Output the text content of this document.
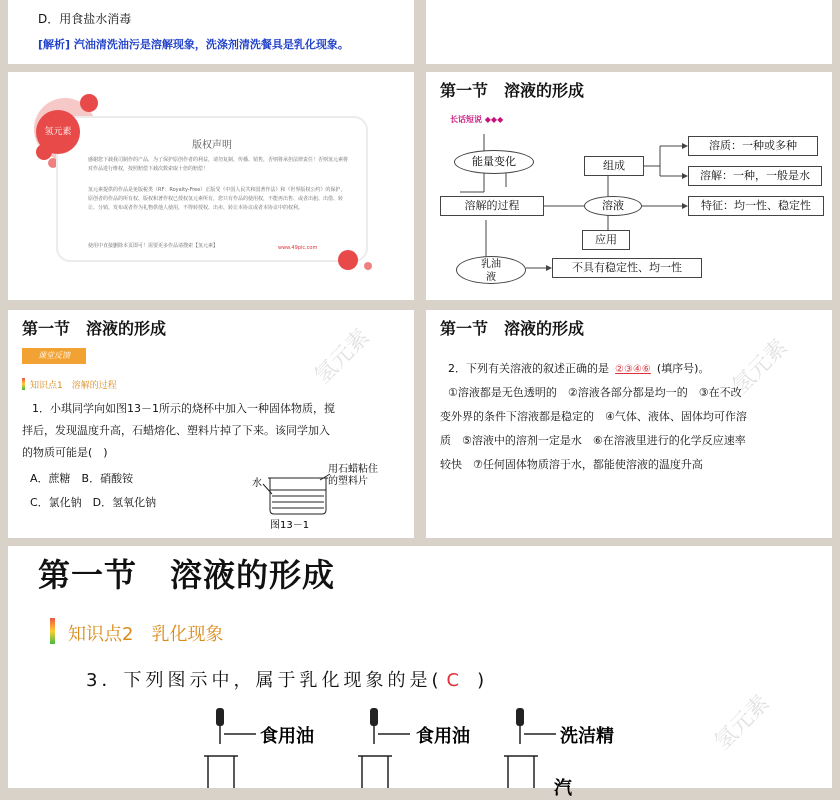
D．用食盐水消毒
[解析] 汽油清洗油污是溶解现象，洗涤剂清洗餐具是乳化现象。
版权声明
感谢您下载我司制作的产品，为了保护原创作者的利益，请勿复制、传播、销售，否则将承担法律责任！否则氢元素将对作品进行维权，按照赔偿下载次数索取十倍的赔偿！
氢元素提供的作品是免版税类（RF：Royalty-Free）正版受《中国人民共和国著作法》和《世界版权公约》的保护，原创者的作品的所有权、版权和著作权已授权氢元素所有，您只有作品的使用权，不能再出售、或者出租、出借、转让、分销、发布或者作为礼物供他人使用，不得转授权、出卖、转让本协议或者本协议中的权利。
使用中直接删除本页即可！需要更多作品请搜索【氢元素】	www.49pic.com
氢元素
第一节　溶液的形成
长话短说 ◆◆◆
能量变化
溶解的过程
组成
溶液
应用
溶质：一种或多种
溶解：一种，一般是水
特征：均一性、稳定性
乳油
液
不具有稳定性、均一性
第一节　溶液的形成
课堂反馈
知识点1　溶解的过程
1．小琪同学向如图13－1所示的烧杯中加入一种固体物质，搅
拌后，发现温度升高，石蜡熔化、塑料片掉了下来。该同学加入
的物质可能是(　)
A．蔗糖　B．硝酸铵
C．氯化钠　D．氢氧化钠
水
用石蜡粘住
的塑料片
图13－1
氢元素	第一节　溶液的形成
2．下列有关溶液的叙述正确的是 ②③④⑥ (填序号)。
①溶液都是无色透明的　②溶液各部分都是均一的　③在不改
变外界的条件下溶液都是稳定的　④气体、液体、固体均可作溶
质　⑤溶液中的溶剂一定是水　⑥在溶液里进行的化学反应速率
较快　⑦任何固体物质溶于水，都能使溶液的温度升高
氢元素
第一节　溶液的形成
知识点2　乳化现象
3．下列图示中，属于乳化现象的是( C )
食用油	食用油	洗洁精
汽
氢元素
